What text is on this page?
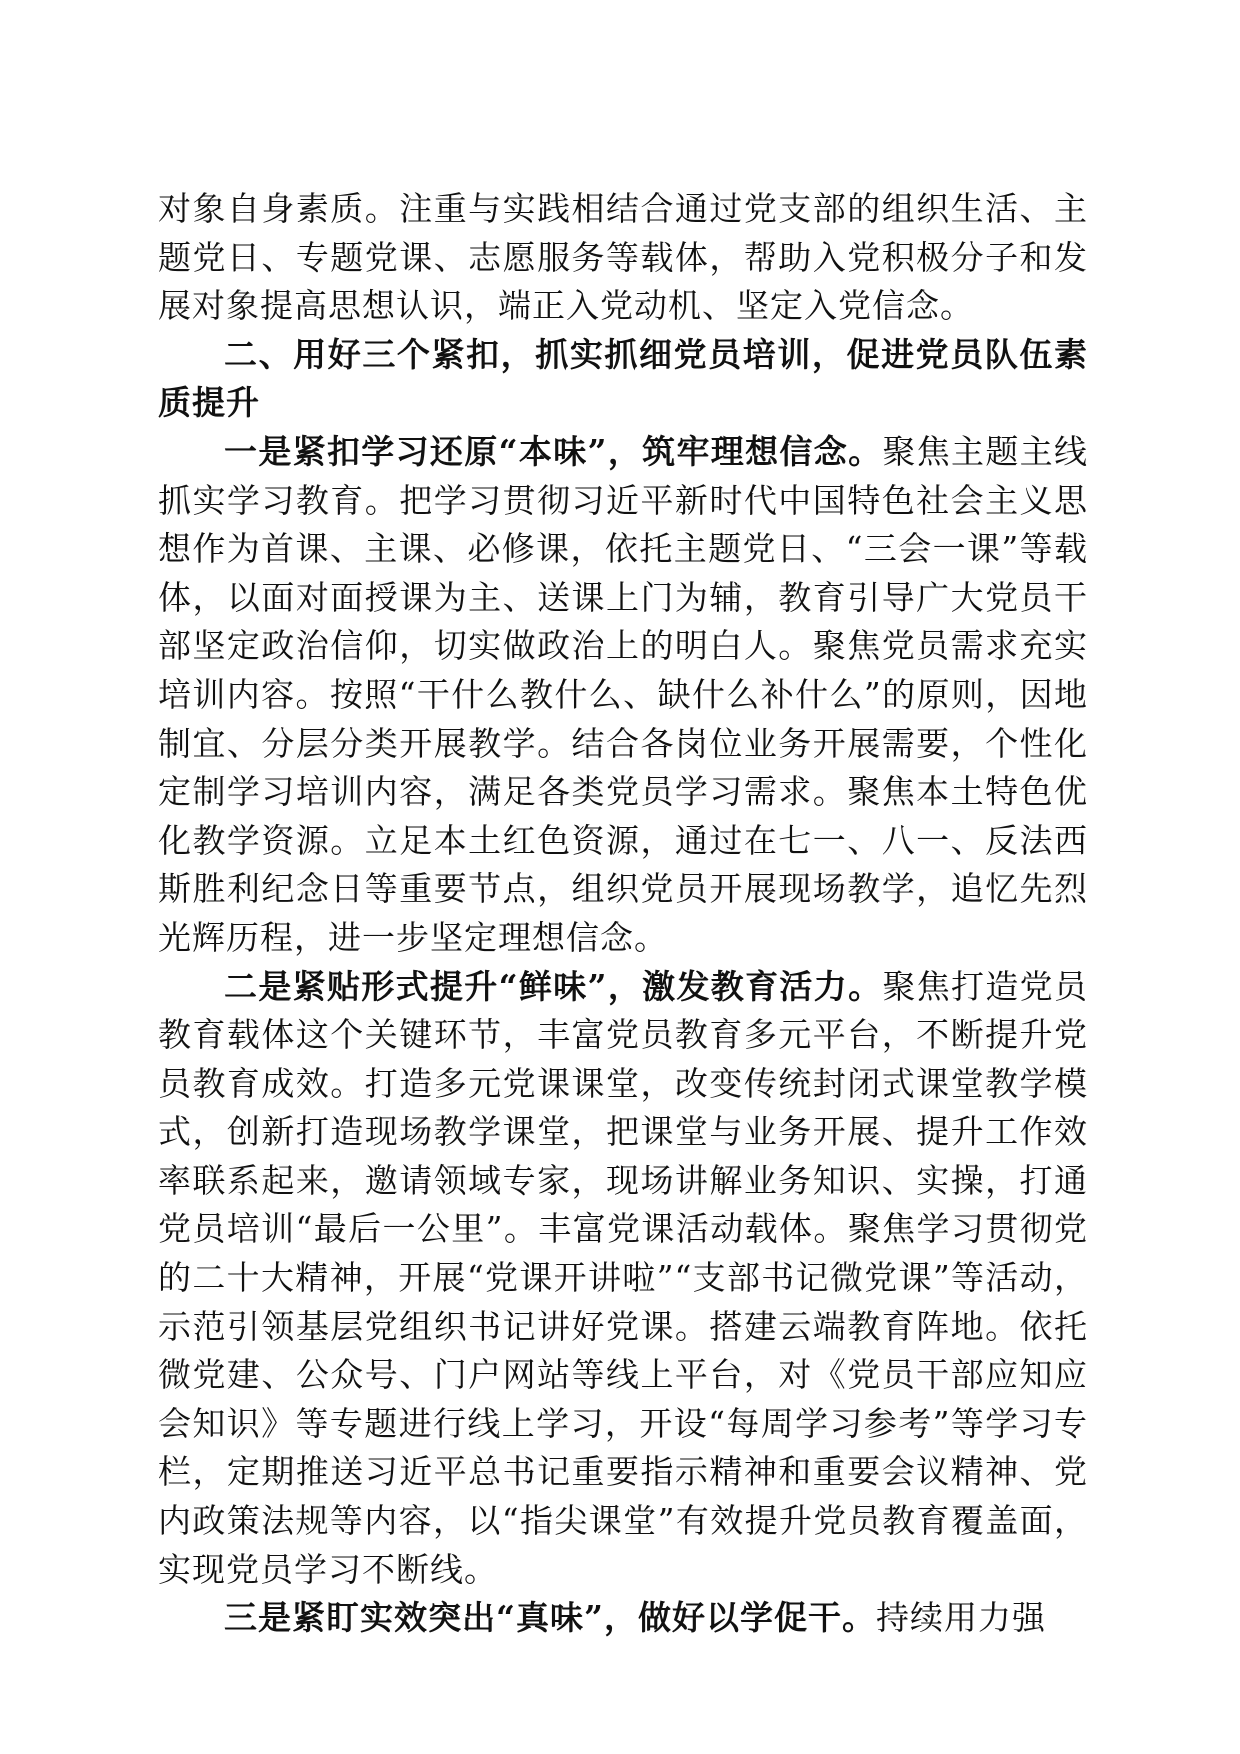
对象自身素质。注重与实践相结合通过党支部的组织生活、主题党日、专题党课、志愿服务等载体，帮助入党积极分子和发展对象提高思想认识，端正入党动机、坚定入党信念。

二、用好三个紧扣，抓实抓细党员培训，促进党员队伍素质提升

一是紧扣学习还原“本味”，筑牢理想信念。聚焦主题主线抓实学习教育。把学习贯彻习近平新时代中国特色社会主义思想作为首课、主课、必修课，依托主题党日、“三会一课”等载体，以面对面授课为主、送课上门为辅，教育引导广大党员干部坚定政治信仰，切实做政治上的明白人。聚焦党员需求充实培训内容。按照“干什么教什么、缺什么补什么”的原则，因地制宜、分层分类开展教学。结合各岗位业务开展需要，个性化定制学习培训内容，满足各类党员学习需求。聚焦本土特色优化教学资源。立足本土红色资源，通过在七一、八一、反法西斯胜利纪念日等重要节点，组织党员开展现场教学，追忆先烈光辉历程，进一步坚定理想信念。

二是紧贴形式提升“鲜味”，激发教育活力。聚焦打造党员教育载体这个关键环节，丰富党员教育多元平台，不断提升党员教育成效。打造多元党课课堂，改变传统封闭式课堂教学模式，创新打造现场教学课堂，把课堂与业务开展、提升工作效率联系起来，邀请领域专家，现场讲解业务知识、实操，打通党员培训“最后一公里”。丰富党课活动载体。聚焦学习贯彻党的二十大精神，开展“党课开讲啦”“支部书记微党课”等活动，示范引领基层党组织书记讲好党课。搭建云端教育阵地。依托微党建、公众号、门户网站等线上平台，对《党员干部应知应会知识》等专题进行线上学习，开设“每周学习参考”等学习专栏，定期推送习近平总书记重要指示精神和重要会议精神、党内政策法规等内容，以“指尖课堂”有效提升党员教育覆盖面，实现党员学习不断线。

三是紧盯实效突出“真味”，做好以学促干。持续用力强
